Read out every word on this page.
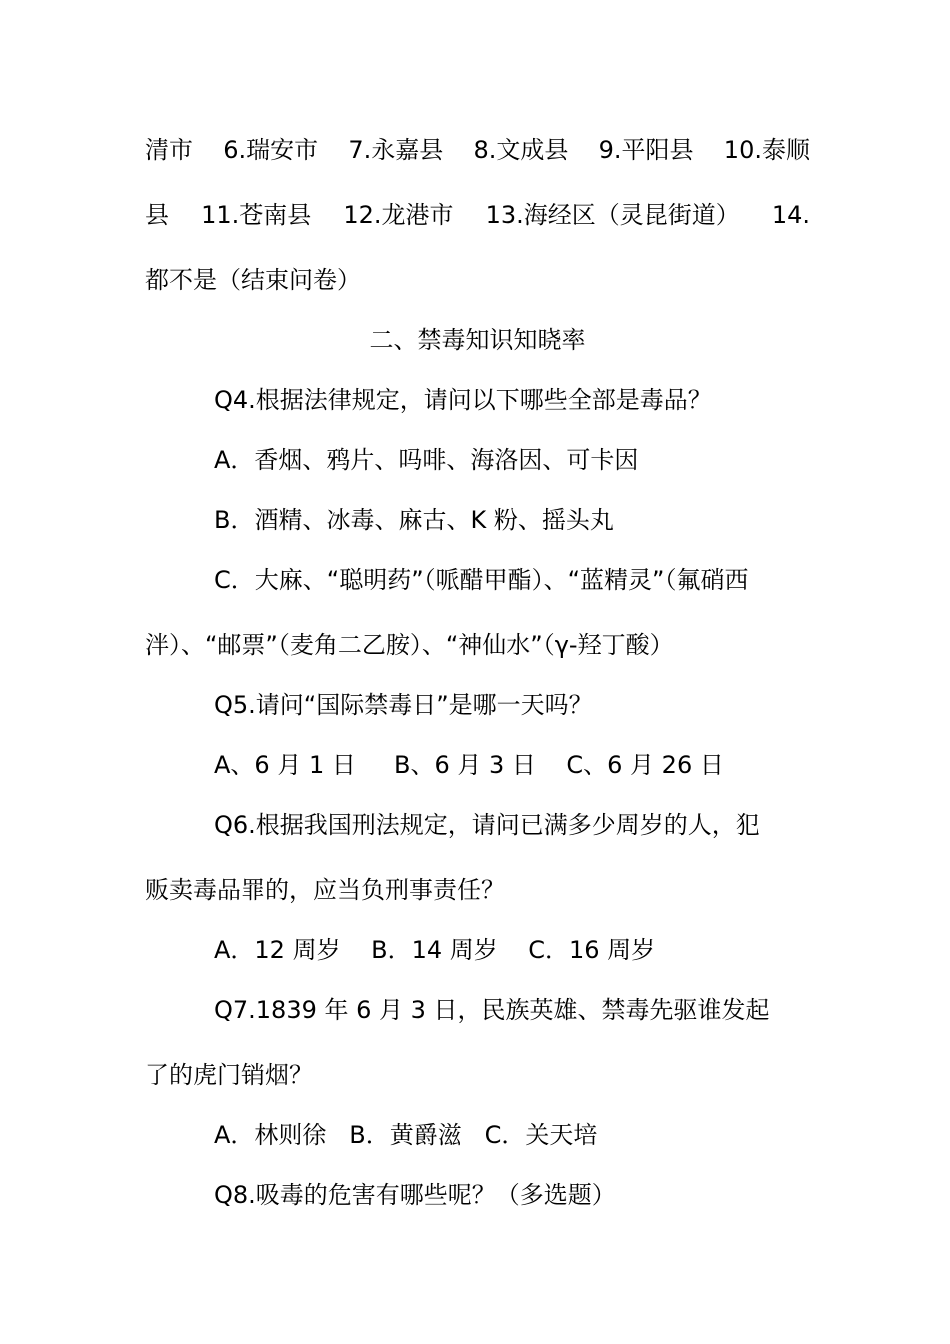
清市 6.瑞安市 7.永嘉县 8.文成县 9.平阳县 10.泰顺
县 11.苍南县 12.龙港市 13.海经区（灵昆街道） 14.
都不是（结束问卷）
二、禁毒知识知晓率
Q4.根据法律规定，请问以下哪些全部是毒品？
A．香烟、鸦片、吗啡、海洛因、可卡因
B．酒精、冰毒、麻古、K 粉、摇头丸
C．大麻、“聪明药”（哌醋甲酯）、“蓝精灵”（氟硝西
泮）、“邮票”（麦角二乙胺）、“神仙水”（γ-羟丁酸）
Q5.请问“国际禁毒日”是哪一天吗？
A、6 月 1 日     B、6 月 3 日    C、6 月 26 日
Q6.根据我国刑法规定，请问已满多少周岁的人，犯
贩卖毒品罪的，应当负刑事责任？
A．12 周岁    B．14 周岁    C．16 周岁
Q7.1839 年 6 月 3 日，民族英雄、禁毒先驱谁发起
了的虎门销烟？
A．林则徐   B．黄爵滋   C．关天培
Q8.吸毒的危害有哪些呢？（多选题）
